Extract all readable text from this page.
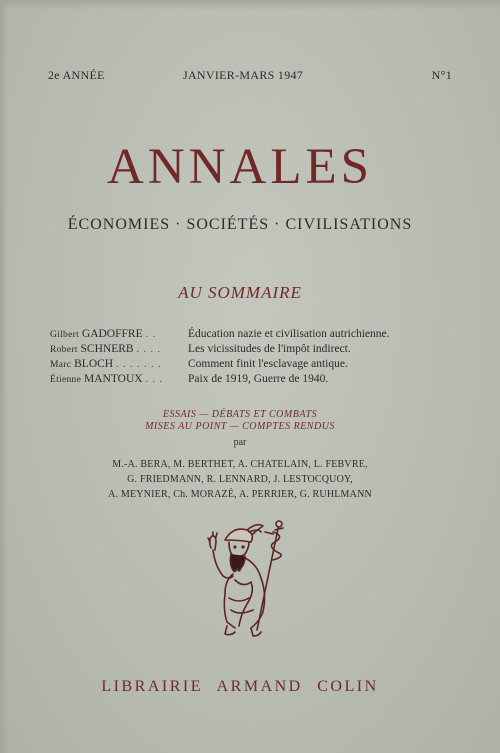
2e ANNÉE	JANVIER-MARS 1947	N°1
ANNALES
ÉCONOMIES · SOCIÉTÉS · CIVILISATIONS
AU SOMMAIRE
Gilbert GADOFFRE . .	Éducation nazie et civilisation autrichienne.
Robert SCHNERB . . . . Les vicissitudes de l'impôt indirect.
Marc BLOCH . . . . . . . Comment finit l'esclavage antique.
Étienne MANTOUX . . . Paix de 1919, Guerre de 1940.
ESSAIS — DÉBATS ET COMBATS
MISES AU POINT — COMPTES RENDUS
par
M.-A. BERA, M. BERTHET, A. CHATELAIN, L. FEBVRE,
G. FRIEDMANN, R. LENNARD, J. LESTOCQUOY,
A. MEYNIER, Ch. MORAZÉ, A. PERRIER, G. RUHLMANN
LIBRAIRIE ARMAND COLIN
